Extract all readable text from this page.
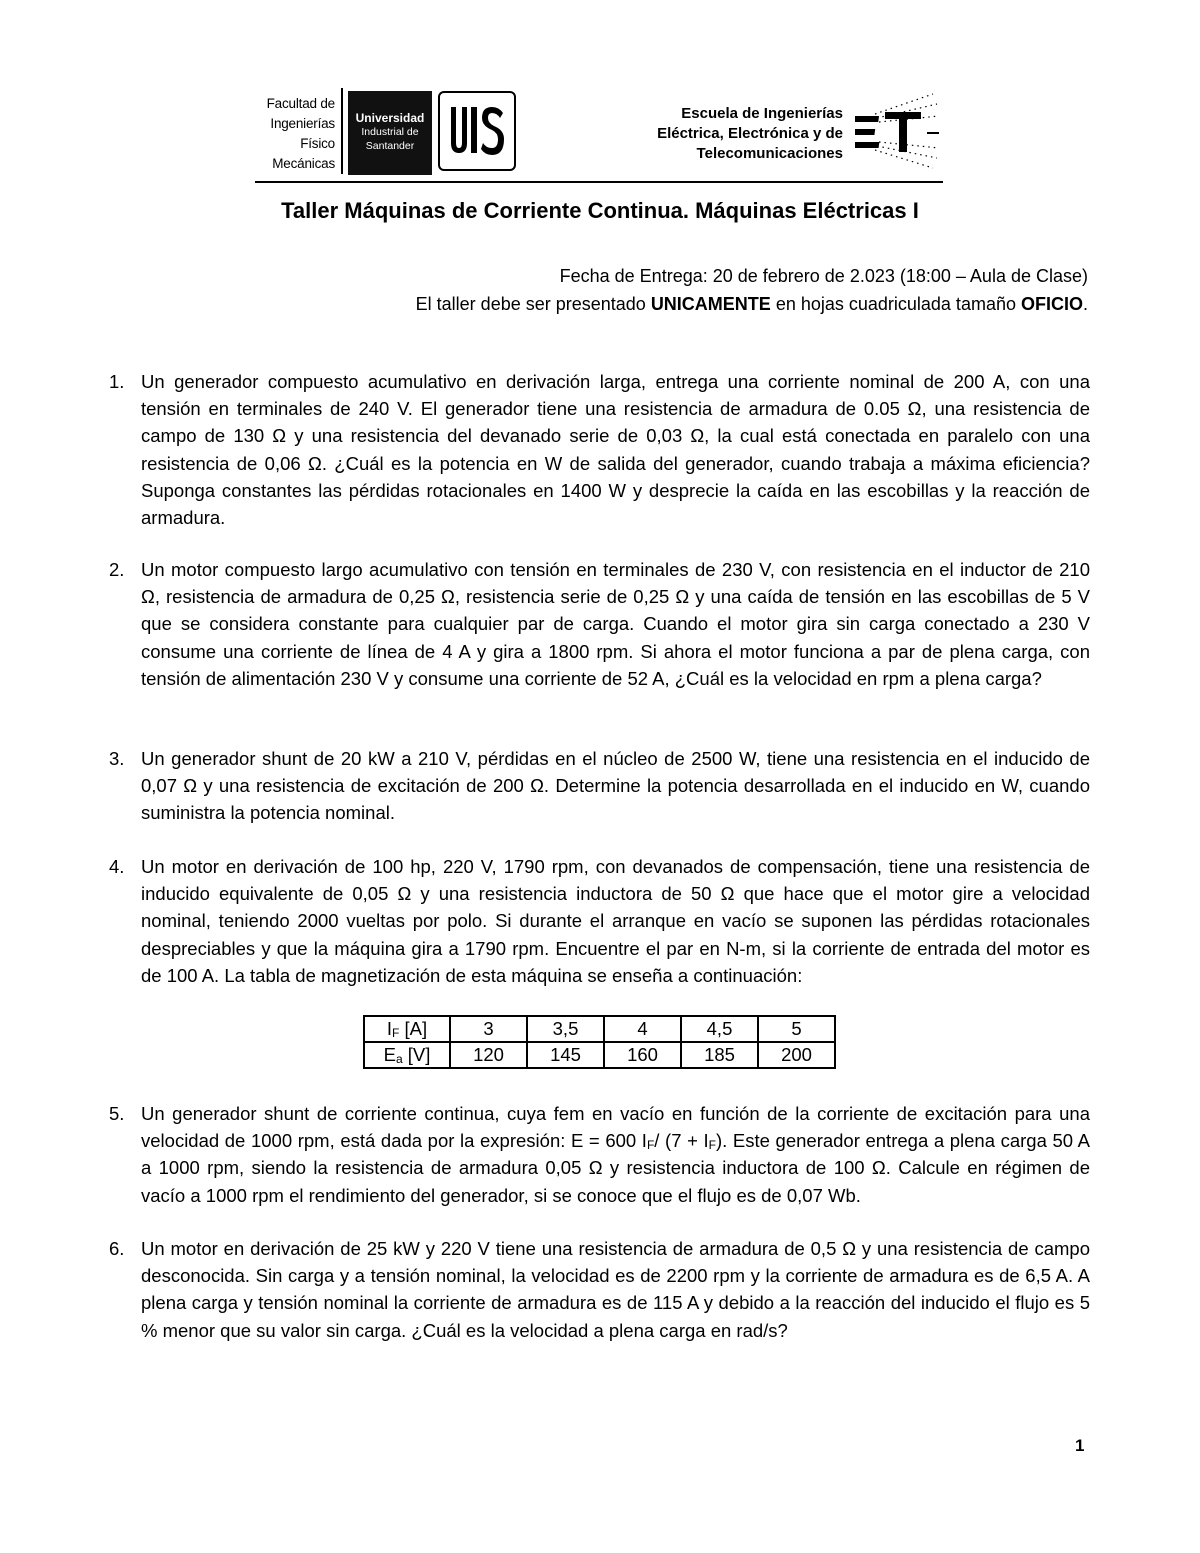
Facultad de
Ingenierías
Físico
Mecánicas
Universidad
Industrial de
Santander
Escuela de Ingenierías
Eléctrica, Electrónica y de
Telecomunicaciones
Taller Máquinas de Corriente Continua. Máquinas Eléctricas I
Fecha de Entrega: 20 de febrero de 2.023 (18:00 – Aula de Clase)
El taller debe ser presentado UNICAMENTE en hojas cuadriculada tamaño OFICIO.
1. Un generador compuesto acumulativo en derivación larga, entrega una corriente nominal de 200 A, con una tensión en terminales de 240 V. El generador tiene una resistencia de armadura de 0.05 Ω, una resistencia de campo de 130 Ω y una resistencia del devanado serie de 0,03 Ω, la cual está conectada en paralelo con una resistencia de 0,06 Ω. ¿Cuál es la potencia en W de salida del generador, cuando trabaja a máxima eficiencia? Suponga constantes las pérdidas rotacionales en 1400 W y desprecie la caída en las escobillas y la reacción de armadura.
2. Un motor compuesto largo acumulativo con tensión en terminales de 230 V, con resistencia en el inductor de 210 Ω, resistencia de armadura de 0,25 Ω, resistencia serie de 0,25 Ω y una caída de tensión en las escobillas de 5 V que se considera constante para cualquier par de carga. Cuando el motor gira sin carga conectado a 230 V consume una corriente de línea de 4 A y gira a 1800 rpm. Si ahora el motor funciona a par de plena carga, con tensión de alimentación 230 V y consume una corriente de 52 A, ¿Cuál es la velocidad en rpm a plena carga?
3. Un generador shunt de 20 kW a 210 V, pérdidas en el núcleo de 2500 W, tiene una resistencia en el inducido de 0,07 Ω y una resistencia de excitación de 200 Ω. Determine la potencia desarrollada en el inducido en W, cuando suministra la potencia nominal.
4. Un motor en derivación de 100 hp, 220 V, 1790 rpm, con devanados de compensación, tiene una resistencia de inducido equivalente de 0,05 Ω y una resistencia inductora de 50 Ω que hace que el motor gire a velocidad nominal, teniendo 2000 vueltas por polo. Si durante el arranque en vacío se suponen las pérdidas rotacionales despreciables y que la máquina gira a 1790 rpm. Encuentre el par en N-m, si la corriente de entrada del motor es de 100 A. La tabla de magnetización de esta máquina se enseña a continuación:
$I_F$ [A]	3	3,5	4	4,5	5
$E_a$ [V]	120	145	160	185	200
5. Un generador shunt de corriente continua, cuya fem en vacío en función de la corriente de excitación para una velocidad de 1000 rpm, está dada por la expresión: E = 600 $I_F/$ $(7 + I_F)$. Este generador entrega a plena carga 50 A a 1000 rpm, siendo la resistencia de armadura 0,05 Ω y resistencia inductora de 100 Ω. Calcule en régimen de vacío a 1000 rpm el rendimiento del generador, si se conoce que el flujo es de 0,07 Wb.
6. Un motor en derivación de 25 kW y 220 V tiene una resistencia de armadura de 0,5 Ω y una resistencia de campo desconocida. Sin carga y a tensión nominal, la velocidad es de 2200 rpm y la corriente de armadura es de 6,5 A. A plena carga y tensión nominal la corriente de armadura es de 115 A y debido a la reacción del inducido el flujo es 5 % menor que su valor sin carga. ¿Cuál es la velocidad a plena carga en rad/s?
1
